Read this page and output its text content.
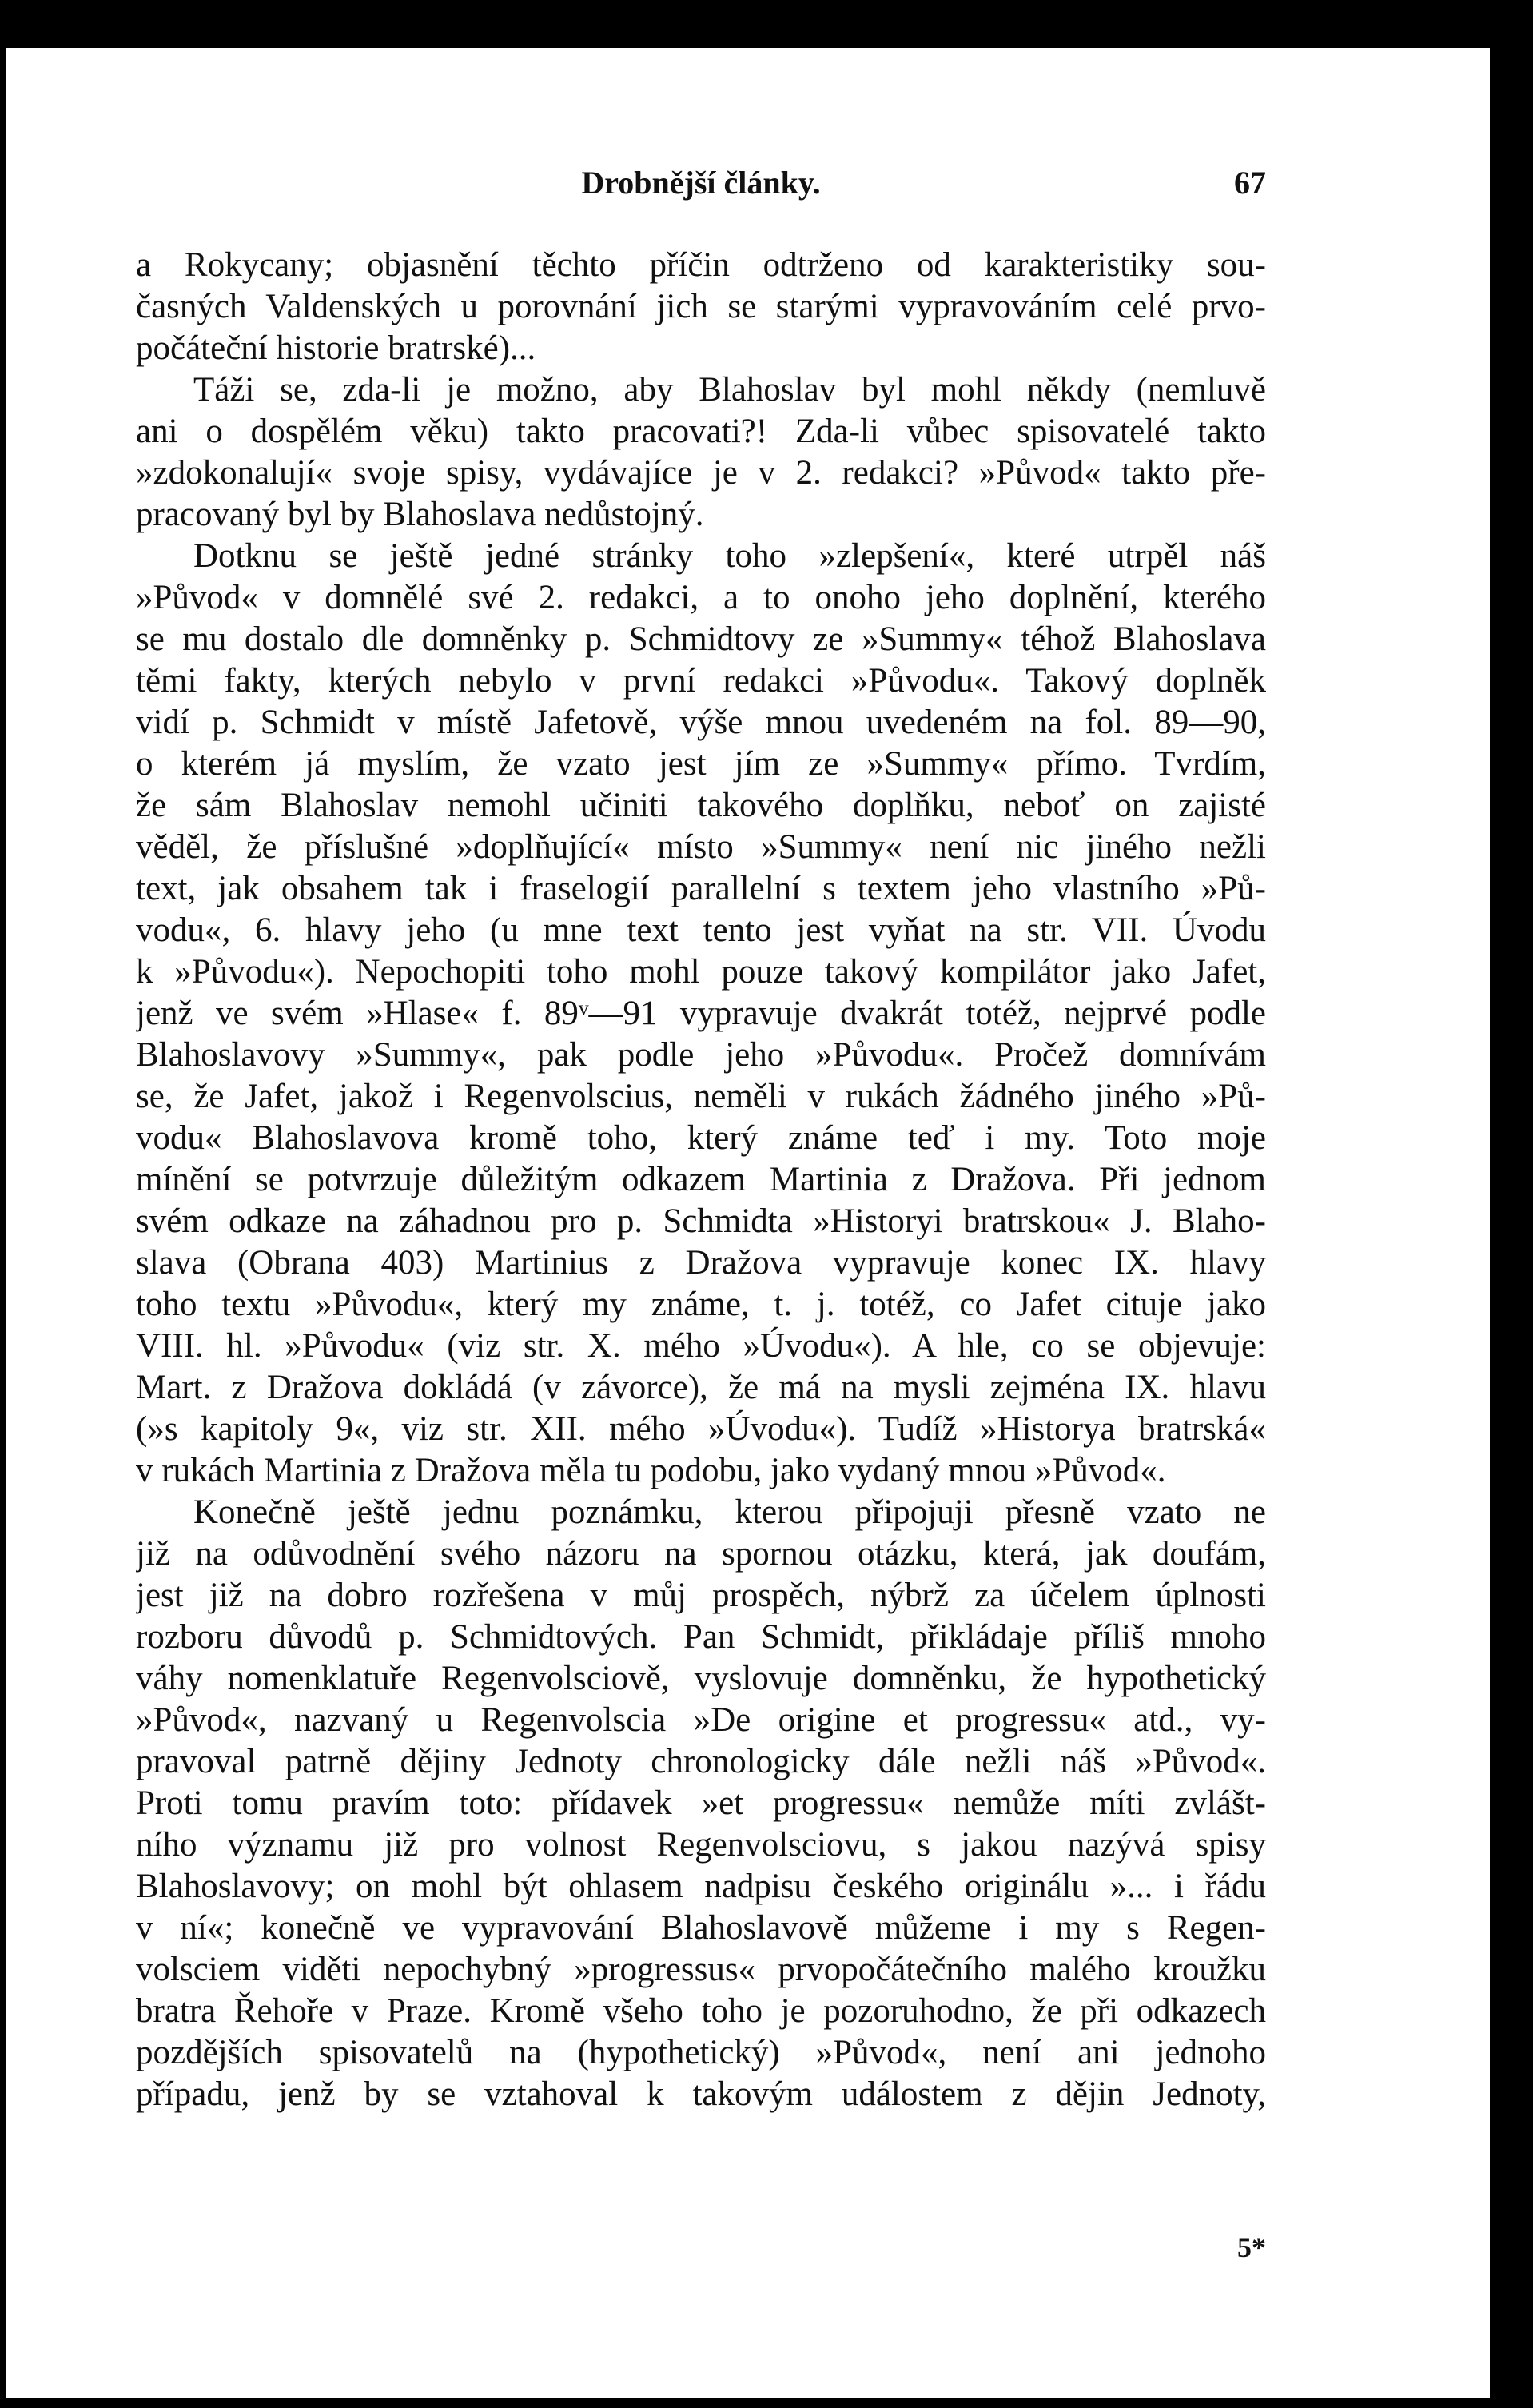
Drobnější články.	67
a Rokycany; objasnění těchto příčin odtrženo od karakteristiky sou-
časných Valdenských u porovnání jich se starými vypravováním celé prvo-
počáteční historie bratrské)...
Táži se, zda-li je možno, aby Blahoslav byl mohl někdy (nemluvě
ani o dospělém věku) takto pracovati?! Zda-li vůbec spisovatelé takto
»zdokonalují« svoje spisy, vydávajíce je v 2. redakci? »Původ« takto pře-
pracovaný byl by Blahoslava nedůstojný.
Dotknu se ještě jedné stránky toho »zlepšení«, které utrpěl náš
»Původ« v domnělé své 2. redakci, a to onoho jeho doplnění, kterého
se mu dostalo dle domněnky p. Schmidtovy ze »Summy« téhož Blahoslava
těmi fakty, kterých nebylo v první redakci »Původu«. Takový doplněk
vidí p. Schmidt v místě Jafetově, výše mnou uvedeném na fol. 89—90,
o kterém já myslím, že vzato jest jím ze »Summy« přímo. Tvrdím,
že sám Blahoslav nemohl učiniti takového doplňku, neboť on zajisté
věděl, že příslušné »doplňující« místo »Summy« není nic jiného nežli
text, jak obsahem tak i fraselogií parallelní s textem jeho vlastního »Pů-
vodu«, 6. hlavy jeho (u mne text tento jest vyňat na str. VII. Úvodu
k »Původu«). Nepochopiti toho mohl pouze takový kompilátor jako Jafet,
jenž ve svém »Hlase« f. 89ᵛ—91 vypravuje dvakrát totéž, nejprvé podle
Blahoslavovy »Summy«, pak podle jeho »Původu«. Pročež domnívám
se, že Jafet, jakož i Regenvolscius, neměli v rukách žádného jiného »Pů-
vodu« Blahoslavova kromě toho, který známe teď i my. Toto moje
mínění se potvrzuje důležitým odkazem Martinia z Dražova. Při jednom
svém odkaze na záhadnou pro p. Schmidta »Historyi bratrskou« J. Blaho-
slava (Obrana 403) Martinius z Dražova vypravuje konec IX. hlavy
toho textu »Původu«, který my známe, t. j. totéž, co Jafet cituje jako
VIII. hl. »Původu« (viz str. X. mého »Úvodu«). A hle, co se objevuje:
Mart. z Dražova dokládá (v závorce), že má na mysli zejména IX. hlavu
(»s kapitoly 9«, viz str. XII. mého »Úvodu«). Tudíž »Historya bratrská«
v rukách Martinia z Dražova měla tu podobu, jako vydaný mnou »Původ«.
Konečně ještě jednu poznámku, kterou připojuji přesně vzato ne
již na odůvodnění svého názoru na spornou otázku, která, jak doufám,
jest již na dobro rozřešena v můj prospěch, nýbrž za účelem úplnosti
rozboru důvodů p. Schmidtových. Pan Schmidt, přikládaje příliš mnoho
váhy nomenklatuře Regenvolsciově, vyslovuje domněnku, že hypothetický
»Původ«, nazvaný u Regenvolscia »De origine et progressu« atd., vy-
pravoval patrně dějiny Jednoty chronologicky dále nežli náš »Původ«.
Proti tomu pravím toto: přídavek »et progressu« nemůže míti zvlášt-
ního významu již pro volnost Regenvolsciovu, s jakou nazývá spisy
Blahoslavovy; on mohl být ohlasem nadpisu českého originálu »... i řádu
v ní«; konečně ve vypravování Blahoslavově můžeme i my s Regen-
volsciem viděti nepochybný »progressus« prvopočátečního malého kroužku
bratra Řehoře v Praze. Kromě všeho toho je pozoruhodno, že při odkazech
pozdějších spisovatelů na (hypothetický) »Původ«, není ani jednoho
případu, jenž by se vztahoval k takovým událostem z dějin Jednoty,
5*
